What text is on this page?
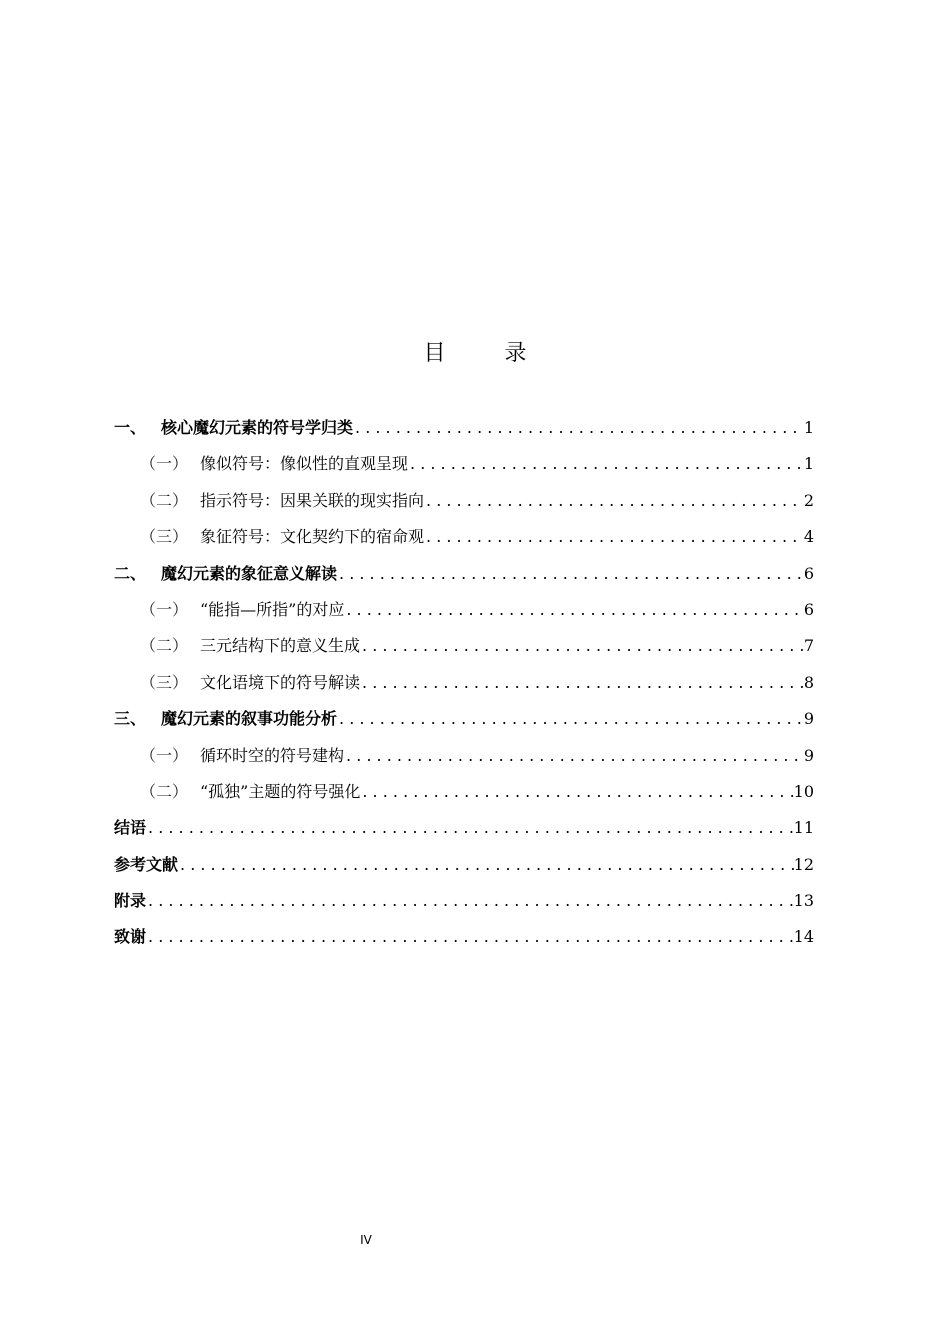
目 录
一、 核心魔幻元素的符号学归类 . . .	1
（一） 像似符号：像似性的直观呈现 . . .	1
（二） 指示符号：因果关联的现实指向 . . .	2
（三） 象征符号：文化契约下的宿命观 . . .	4
二、 魔幻元素的象征意义解读 . . .	6
（一） “能指—所指”的对应 . . .	6
（二） 三元结构下的意义生成 . . .	7
（三） 文化语境下的符号解读 . . .	8
三、 魔幻元素的叙事功能分析 . . .	9
（一） 循环时空的符号建构 . . .	9
（二） “孤独”主题的符号强化 . . .	10
结语 . . .	11
参考文献 . . .	12
附录 . . .	13
致谢 . . .	14
IV
